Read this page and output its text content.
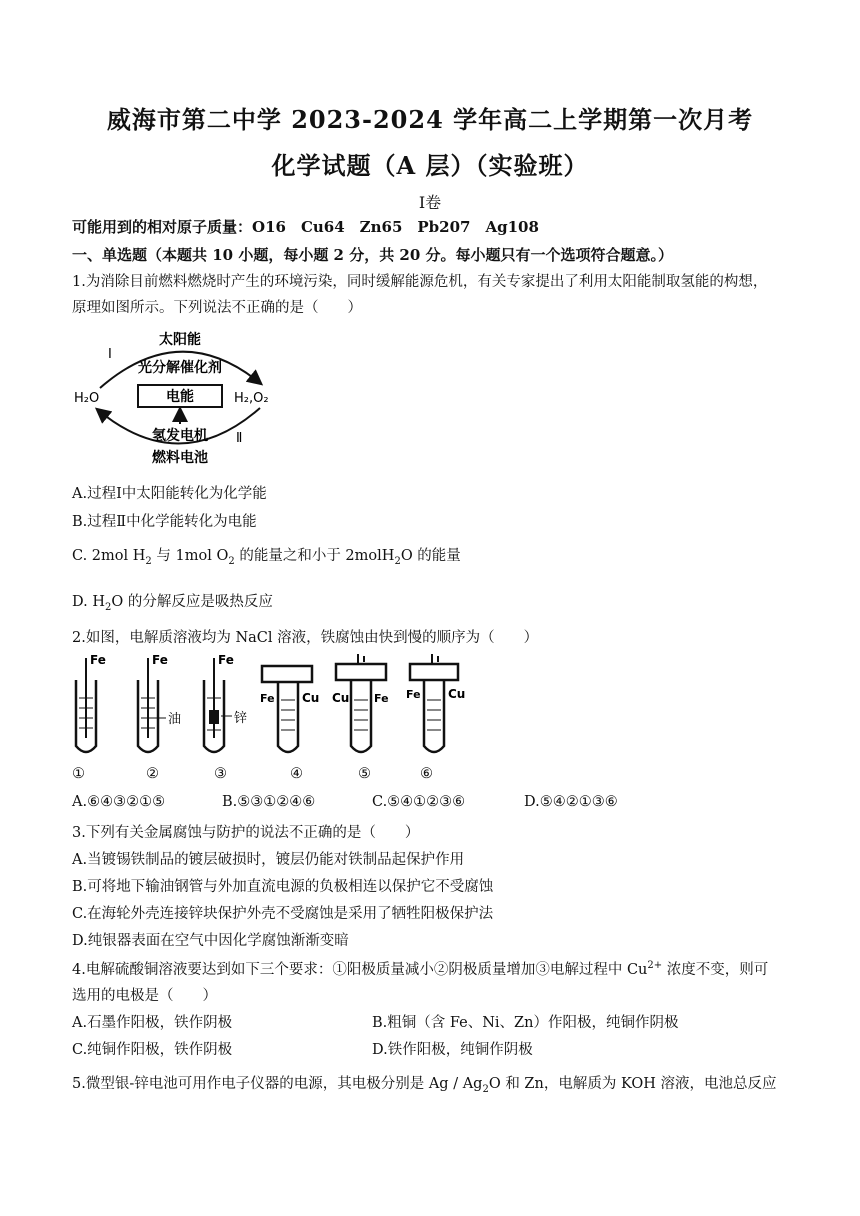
威海市第二中学 2023-2024 学年高二上学期第一次月考
化学试题（A 层）（实验班）
Ⅰ卷
可能用到的相对原子质量：O16　Cu64　Zn65　Pb207　Ag108
一、单选题（本题共 10 小题，每小题 2 分，共 20 分。每小题只有一个选项符合题意。）
1.为消除目前燃料燃烧时产生的环境污染，同时缓解能源危机，有关专家提出了利用太阳能制取氢能的构想，
原理如图所示。下列说法不正确的是（　　）
太阳能
I
光分解催化剂
H₂O	电能	H₂,O₂
氢发电机 Ⅱ
燃料电池
A.过程Ⅰ中太阳能转化为化学能
B.过程Ⅱ中化学能转化为电能
C. 2mol $H_2$ 与 1mol $O_2$ 的能量之和小于 2molH$_2$O 的能量
D. $H_2O$ 的分解反应是吸热反应
2.如图，电解质溶液均为 NaCl 溶液，铁腐蚀由快到慢的顺序为（　　）
Fe	Fe
油
Fe
锌
Fe Cu Cu Fe Fe Cu
①	②	③	④	⑤	⑥
A.⑥④③②①⑤	B.⑤③①②④⑥	C.⑤④①②③⑥	D.⑤④②①③⑥
3.下列有关金属腐蚀与防护的说法不正确的是（　　）
A.当镀锡铁制品的镀层破损时，镀层仍能对铁制品起保护作用
B.可将地下输油钢管与外加直流电源的负极相连以保护它不受腐蚀
C.在海轮外壳连接锌块保护外壳不受腐蚀是采用了牺牲阳极保护法
D.纯银器表面在空气中因化学腐蚀渐渐变暗
4.电解硫酸铜溶液要达到如下三个要求：①阳极质量减小②阴极质量增加③电解过程中 $Cu^{2+}$ 浓度不变，则可
选用的电极是（　　）
A.石墨作阳极，铁作阴极	B.粗铜（含 Fe、Ni、Zn）作阳极，纯铜作阴极
C.纯铜作阳极，铁作阴极	D.铁作阳极，纯铜作阴极
5.微型银-锌电池可用作电子仪器的电源，其电极分别是 Ag / $Ag_2O$ 和 Zn，电解质为 KOH 溶液，电池总反应
